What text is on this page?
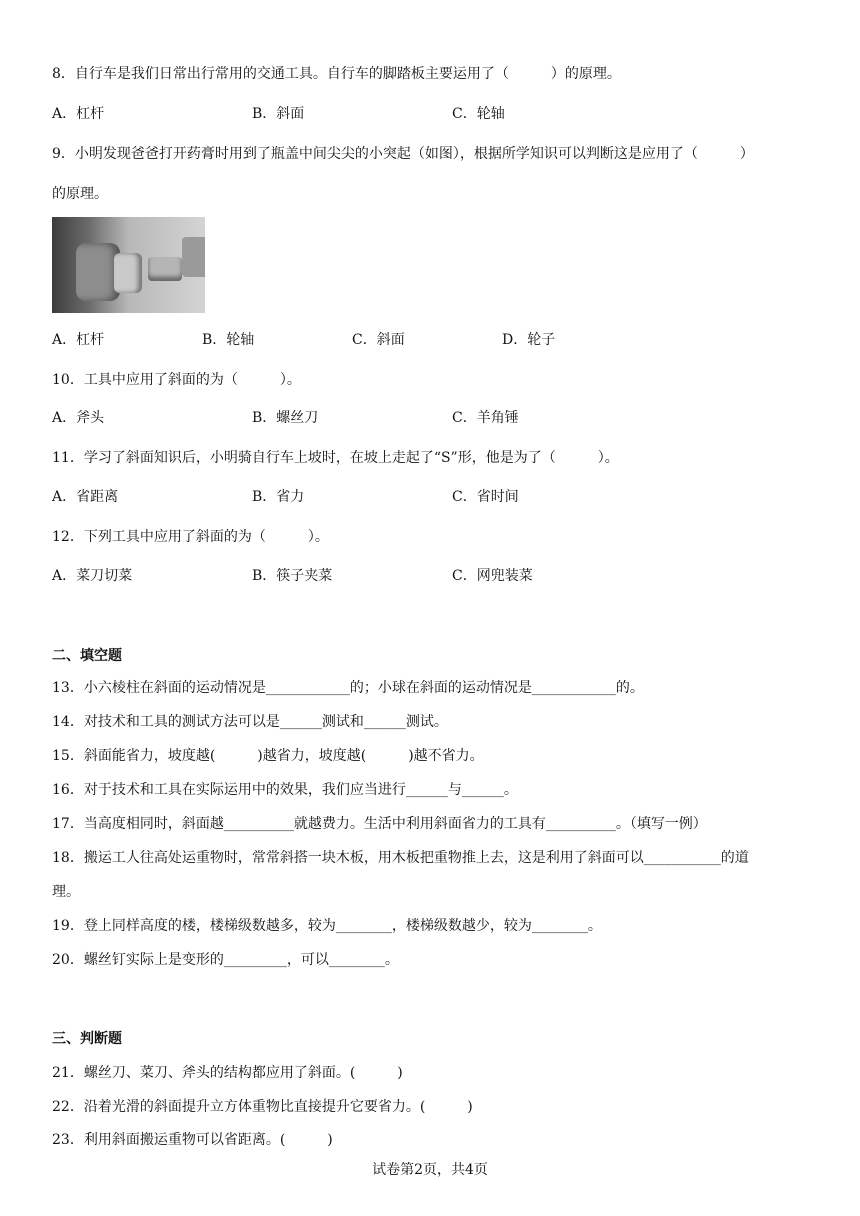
8．自行车是我们日常出行常用的交通工具。自行车的脚踏板主要运用了（　　　）的原理。
A．杠杆	B．斜面	C．轮轴
9．小明发现爸爸打开药膏时用到了瓶盖中间尖尖的小突起（如图），根据所学知识可以判断这是应用了（　　　）
的原理。
A．杠杆	B．轮轴	C．斜面	D．轮子
10．工具中应用了斜面的为（　　　）。
A．斧头	B．螺丝刀	C．羊角锤
11．学习了斜面知识后，小明骑自行车上坡时，在坡上走起了“S”形，他是为了（　　　）。
A．省距离	B．省力	C．省时间
12．下列工具中应用了斜面的为（　　　）。
A．菜刀切菜	B．筷子夹菜	C．网兜装菜
二、填空题
13．小六棱柱在斜面的运动情况是____________的；小球在斜面的运动情况是____________的。
14．对技术和工具的测试方法可以是______测试和______测试。
15．斜面能省力，坡度越(　　　)越省力，坡度越(　　　)越不省力。
16．对于技术和工具在实际运用中的效果，我们应当进行______与______。
17．当高度相同时，斜面越__________就越费力。生活中利用斜面省力的工具有__________。（填写一例）
18．搬运工人往高处运重物时，常常斜搭一块木板，用木板把重物推上去，这是利用了斜面可以___________的道
理。
19．登上同样高度的楼，楼梯级数越多，较为________，楼梯级数越少，较为________。
20．螺丝钉实际上是变形的_________，可以________。
三、判断题
21．螺丝刀、菜刀、斧头的结构都应用了斜面。(　　　)
22．沿着光滑的斜面提升立方体重物比直接提升它要省力。(　　　)
23．利用斜面搬运重物可以省距离。(　　　)
试卷第2页，共4页
